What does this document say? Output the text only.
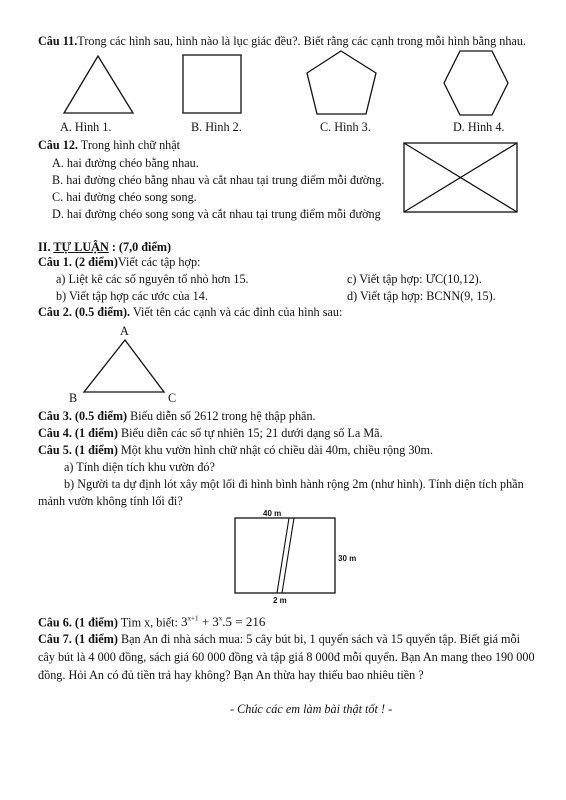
Câu 11.Trong các hình sau, hình nào là lục giác đều?. Biết rằng các cạnh trong mỗi hình bằng nhau.
A. Hình 1.	B. Hình 2.	C. Hình 3.	D. Hình 4.
Câu 12. Trong hình chữ nhật
A. hai đường chéo bằng nhau.
B. hai đường chéo bằng nhau và cắt nhau tại trung điểm mỗi đường.
C. hai đường chéo song song.
D. hai đường chéo song song và cắt nhau tại trung điểm mỗi đường
II. TỰ LUẬN : (7,0 điểm)
Câu 1. (2 điểm)Viết các tập hợp:
a) Liệt kê các số nguyên tố nhỏ hơn 15.	c) Viết tập hợp: ƯC(10,12).
b) Viết tập hợp các ước của 14.	d) Viết tập hợp: BCNN(9, 15).
Câu 2. (0.5 điểm). Viết tên các cạnh và các đỉnh của hình sau:
A
B	C
Câu 3. (0.5 điểm) Biểu diễn số 2612 trong hệ thập phân.
Câu 4. (1 điểm) Biểu diễn các số tự nhiên 15; 21 dưới dạng số La Mã.
Câu 5. (1 điểm) Một khu vườn hình chữ nhật có chiều dài 40m, chiều rộng 30m.
a) Tính diện tích khu vườn đó?
b) Người ta dự định lót xây một lối đi hình bình hành rộng 2m (như hình). Tính diện tích phần
mảnh vườn không tính lối đi?
40 m
30 m
2 m
Câu 6. (1 điểm) Tìm x, biết: $3^{x+1} + 3^x.5 = 216$
Câu 7. (1 điểm) Bạn An đi nhà sách mua: 5 cây bút bi, 1 quyển sách và 15 quyển tập. Biết giá mỗi
cây bút là 4 000 đồng, sách giá 60 000 đồng và tập giá 8 000đ mỗi quyển. Bạn An mang theo 190 000
đồng. Hỏi An có đủ tiền trả hay không? Bạn An thừa hay thiếu bao nhiêu tiền ?
- Chúc các em làm bài thật tốt ! -
